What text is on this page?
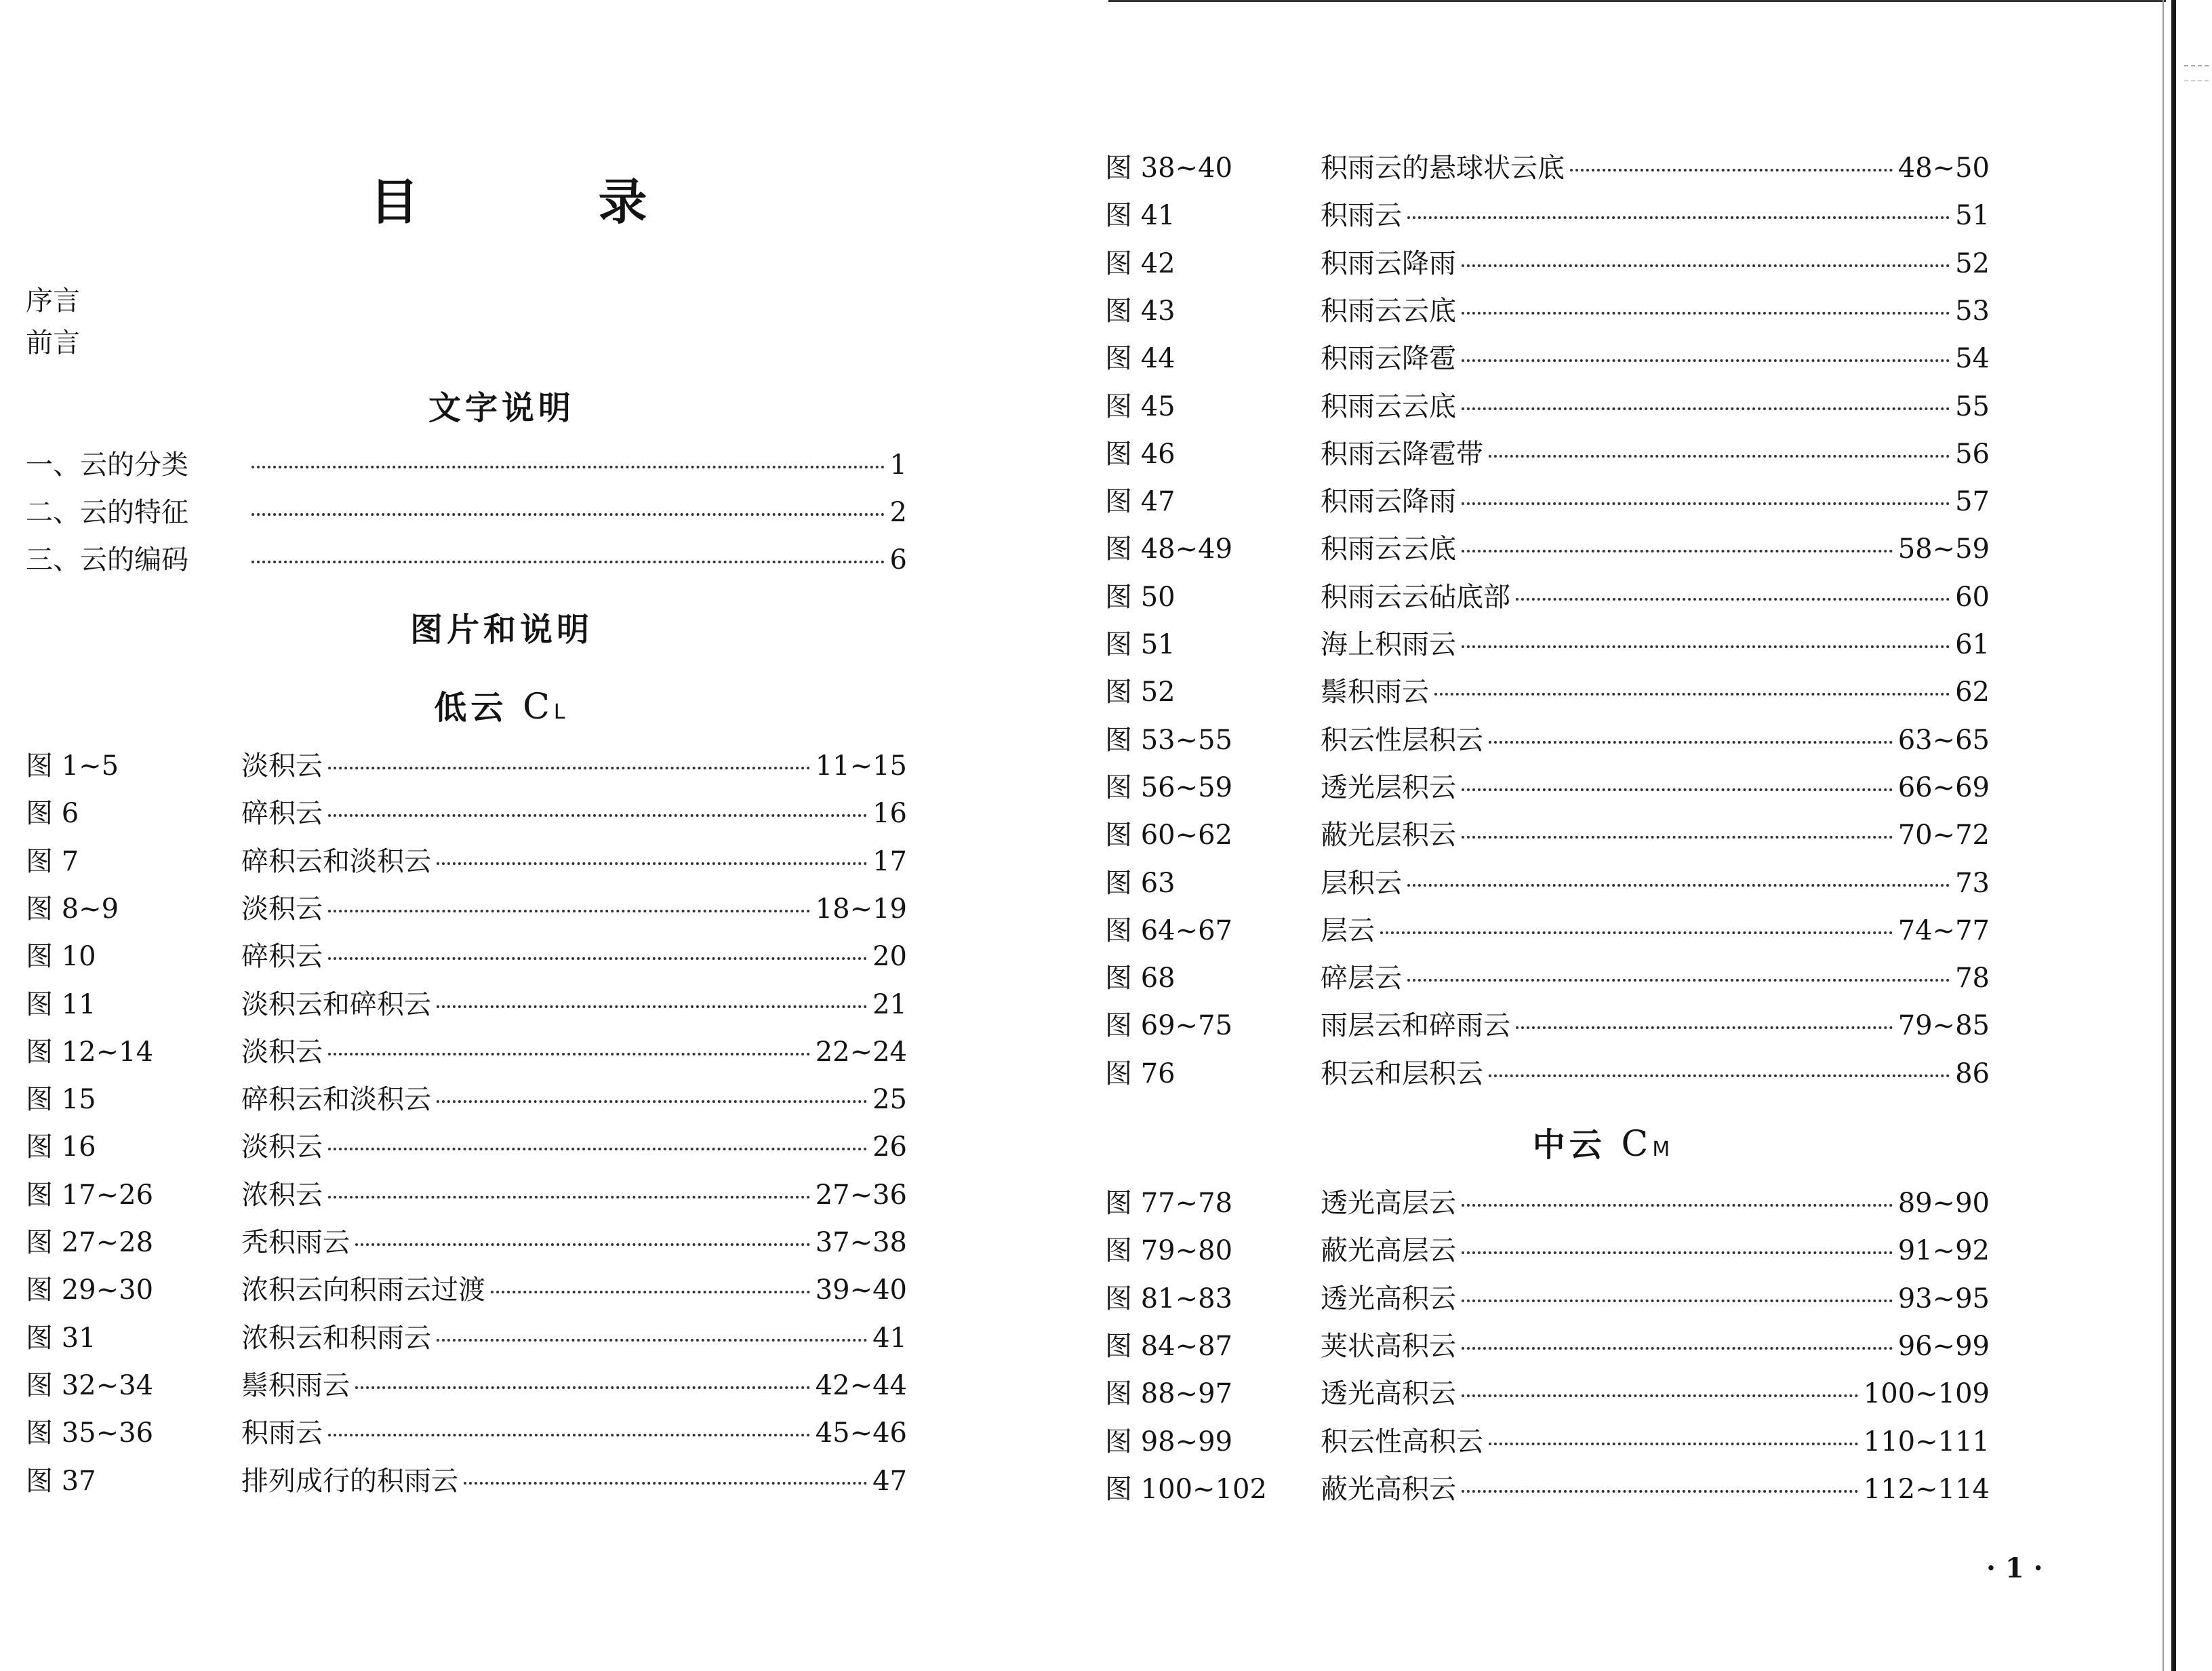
目 录
序言
前言
文字说明
一、云的分类	1
二、云的特征	2
三、云的编码	6
图片和说明
低云 CL
图 1~5	淡积云	11~15
图 6	碎积云	16
图 7	碎积云和淡积云	17
图 8~9	淡积云	18~19
图 10	碎积云	20
图 11	淡积云和碎积云	21
图 12~14	淡积云	22~24
图 15	碎积云和淡积云	25
图 16	淡积云	26
图 17~26	浓积云	27~36
图 27~28	秃积雨云	37~38
图 29~30	浓积云向积雨云过渡	39~40
图 31	浓积云和积雨云	41
图 32~34	鬃积雨云	42~44
图 35~36	积雨云	45~46
图 37	排列成行的积雨云	47
图 38~40	积雨云的悬球状云底	48~50
图 41	积雨云	51
图 42	积雨云降雨	52
图 43	积雨云云底	53
图 44	积雨云降雹	54
图 45	积雨云云底	55
图 46	积雨云降雹带	56
图 47	积雨云降雨	57
图 48~49	积雨云云底	58~59
图 50	积雨云云砧底部	60
图 51	海上积雨云	61
图 52	鬃积雨云	62
图 53~55	积云性层积云	63~65
图 56~59	透光层积云	66~69
图 60~62	蔽光层积云	70~72
图 63	层积云	73
图 64~67	层云	74~77
图 68	碎层云	78
图 69~75	雨层云和碎雨云	79~85
图 76	积云和层积云	86
中云 CM
图 77~78	透光高层云	89~90
图 79~80	蔽光高层云	91~92
图 81~83	透光高积云	93~95
图 84~87	荚状高积云	96~99
图 88~97	透光高积云	100~109
图 98~99	积云性高积云	110~111
图 100~102	蔽光高积云	112~114
· 1 ·
